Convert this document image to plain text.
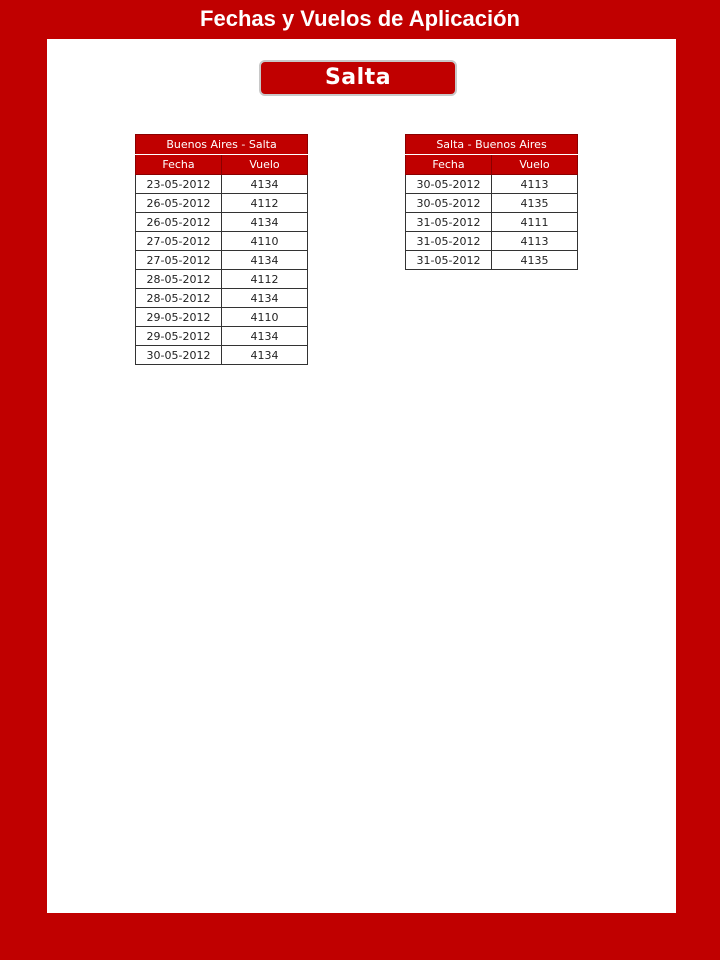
Fechas y Vuelos de Aplicación
Salta
Buenos Aires - Salta	
Fecha	Vuelo
23-05-2012	4134
26-05-2012	4112
26-05-2012	4134
27-05-2012	4110
27-05-2012	4134
28-05-2012	4112
28-05-2012	4134
29-05-2012	4110
29-05-2012	4134
30-05-2012	4134
Salta - Buenos Aires	
Fecha	Vuelo
30-05-2012	4113
30-05-2012	4135
31-05-2012	4111
31-05-2012	4113
31-05-2012	4135
